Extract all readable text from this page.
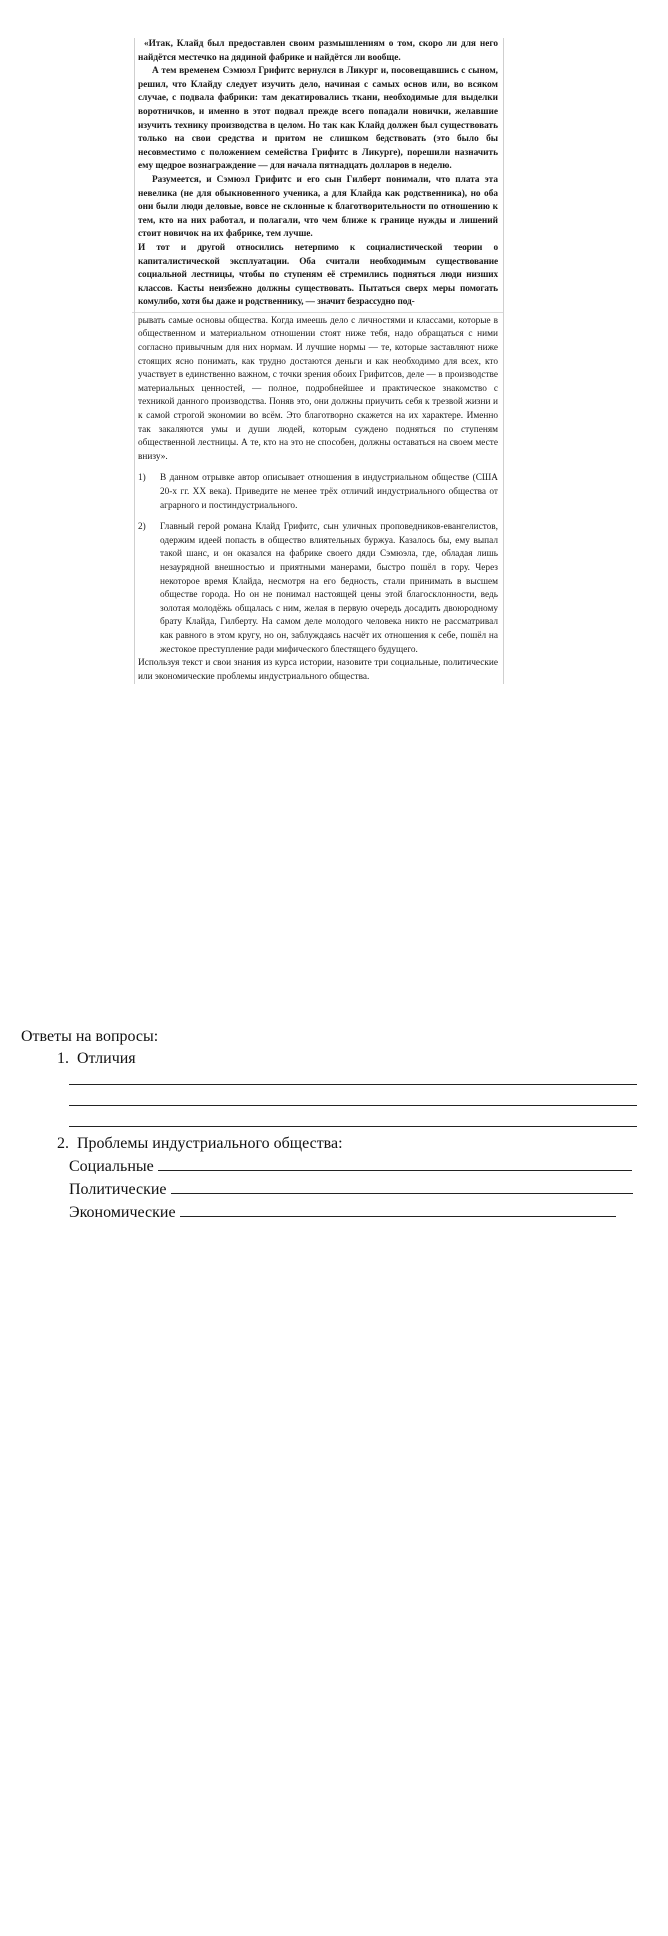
«Итак, Клайд был предоставлен своим размышлениям о том, скоро ли для него найдётся местечко на дядиной фабрике и найдётся ли вообще.

А тем временем Сэмюэл Грифитс вернулся в Ликург и, посовещавшись с сыном, решил, что Клайду следует изучить дело, начиная с самых основ или, во всяком случае, с подвала фабрики: там декатировались ткани, необходимые для выделки воротничков, и именно в этот подвал прежде всего попадали новички, желавшие изучить технику производства в целом. Но так как Клайд должен был существовать только на свои средства и притом не слишком бедствовать (это было бы несовместимо с положением семейства Грифитс в Ликурге), порешили назначить ему щедрое вознаграждение — для начала пятнадцать долларов в неделю.

Разумеется, и Сэмюэл Грифитс и его сын Гилберт понимали, что плата эта невелика (не для обыкновенного ученика, а для Клайда как родственника), но оба они были люди деловые, вовсе не склонные к благотворительности по отношению к тем, кто на них работал, и полагали, что чем ближе к границе нужды и лишений стоит новичок на их фабрике, тем лучше.

И тот и другой относились нетерпимо к социалистической теории о капиталистической эксплуатации. Оба считали необходимым существование социальной лестницы, чтобы по ступеням её стремились подняться люди низших классов. Касты неизбежно должны существовать. Пытаться сверх меры помогать комулибо, хотя бы даже и родственнику, — значит безрассудно под-

рывать самые основы общества. Когда имеешь дело с личностями и классами, которые в общественном и материальном отношении стоят ниже тебя, надо обращаться с ними согласно привычным для них нормам. И лучшие нормы — те, которые заставляют ниже стоящих ясно понимать, как трудно достаются деньги и как необходимо для всех, кто участвует в единственно важном, с точки зрения обоих Грифитсов, деле — в производстве материальных ценностей, — полное, подробнейшее и практическое знакомство с техникой данного производства. Поняв это, они должны приучить себя к трезвой жизни и к самой строгой экономии во всём. Это благотворно скажется на их характере. Именно так закаляются умы и души людей, которым суждено подняться по ступеням общественной лестницы. А те, кто на это не способен, должны оставаться на своем месте внизу».

1)	В данном отрывке автор описывает отношения в индустриальном обществе (США 20-х гг. XX века). Приведите не менее трёх отличий индустриального общества от аграрного и постиндустриального.
2)	Главный герой романа Клайд Грифитс, сын уличных проповедников-евангелистов, одержим идеей попасть в общество влиятельных буржуа. Казалось бы, ему выпал такой шанс, и он оказался на фабрике своего дяди Сэмюэла, где, обладая лишь незаурядной внешностью и приятными манерами, быстро пошёл в гору. Через некоторое время Клайда, несмотря на его бедность, стали принимать в высшем обществе города. Но он не понимал настоящей цены этой благосклонности, ведь золотая молодёжь общалась с ним, желая в первую очередь досадить двоюродному брату Клайда, Гилберту. На самом деле молодого человека никто не рассматривал как равного в этом кругу, но он, заблуждаясь насчёт их отношения к себе, пошёл на жестокое преступление ради мифического блестящего будущего.

Используя текст и свои знания из курса истории, назовите три социальные, политические или экономические проблемы индустриального общества.

Ответы на вопросы:

1. Отличия
2. Проблемы индустриального общества:
Социальные
Политические
Экономические
